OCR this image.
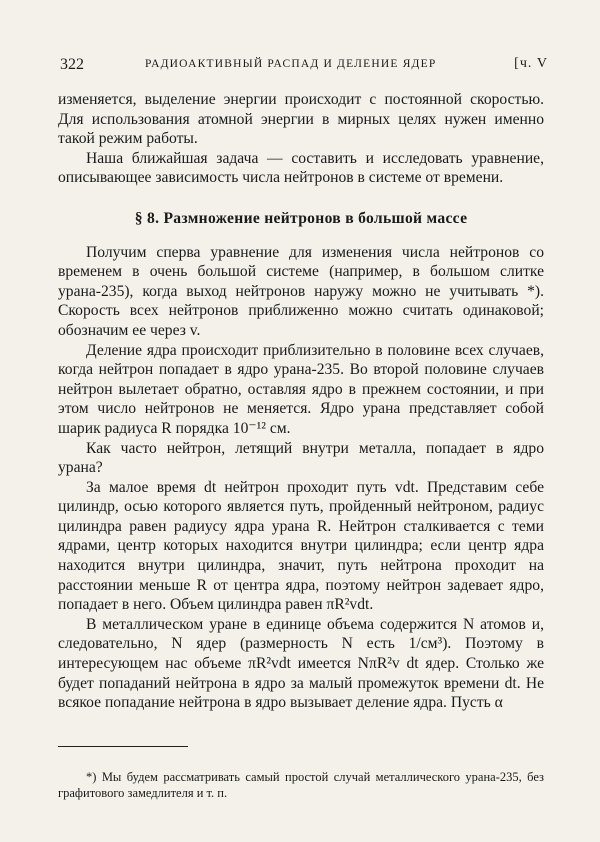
322	РАДИОАКТИВНЫЙ РАСПАД И ДЕЛЕНИЕ ЯДЕР	[ч. V

изменяется, выделение энергии происходит с постоянной скоростью. Для использования атомной энергии в мирных целях нужен именно такой режим работы.

Наша ближайшая задача — составить и исследовать уравнение, описывающее зависимость числа нейтронов в системе от времени.

§ 8. Размножение нейтронов в большой массе

Получим сперва уравнение для изменения числа нейтронов со временем в очень большой системе (например, в большом слитке урана-235), когда выход нейтронов наружу можно не учитывать *). Скорость всех нейтронов приближенно можно считать одинаковой; обозначим ее через v.

Деление ядра происходит приблизительно в половине всех случаев, когда нейтрон попадает в ядро урана-235. Во второй половине случаев нейтрон вылетает обратно, оставляя ядро в прежнем состоянии, и при этом число нейтронов не меняется. Ядро урана представляет собой шарик радиуса R порядка 10⁻¹² см.

Как часто нейтрон, летящий внутри металла, попадает в ядро урана?

За малое время dt нейтрон проходит путь vdt. Представим себе цилиндр, осью которого является путь, пройденный нейтроном, радиус цилиндра равен радиусу ядра урана R. Нейтрон сталкивается с теми ядрами, центр которых находится внутри цилиндра; если центр ядра находится внутри цилиндра, значит, путь нейтрона проходит на расстоянии меньше R от центра ядра, поэтому нейтрон задевает ядро, попадает в него. Объем цилиндра равен πR²vdt.

В металлическом уране в единице объема содержится N атомов и, следовательно, N ядер (размерность N есть 1/см³). Поэтому в интересующем нас объеме πR²vdt имеется NπR²v dt ядер. Столько же будет попаданий нейтрона в ядро за малый промежуток времени dt. Не всякое попадание нейтрона в ядро вызывает деление ядра. Пусть α

*) Мы будем рассматривать самый простой случай металлического урана-235, без графитового замедлителя и т. п.
